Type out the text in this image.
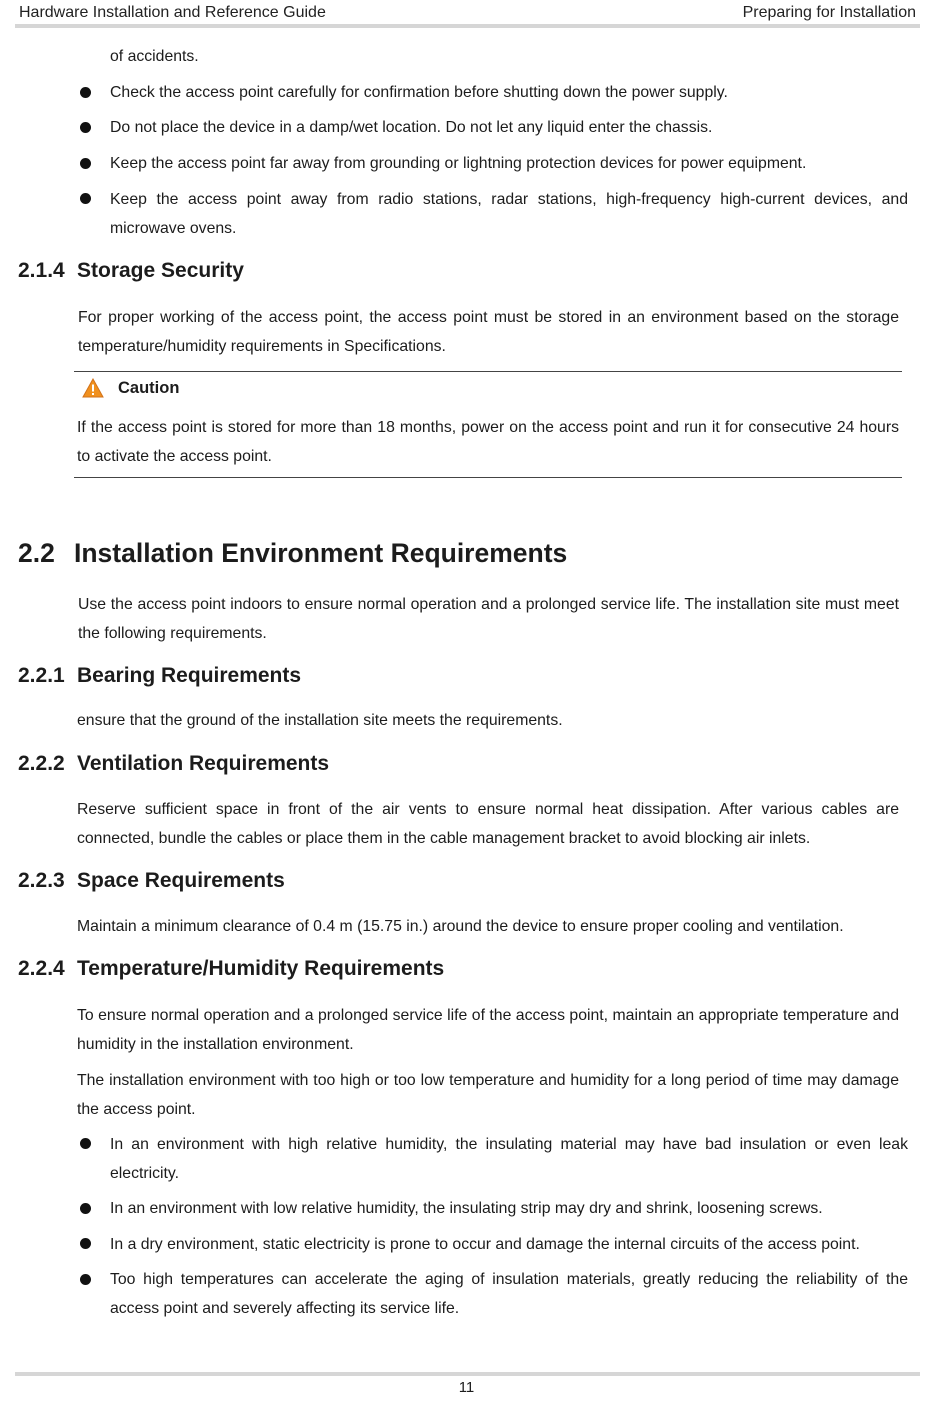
Hardware Installation and Reference Guide	Preparing for Installation
of accidents.
Check the access point carefully for confirmation before shutting down the power supply.
Do not place the device in a damp/wet location. Do not let any liquid enter the chassis.
Keep the access point far away from grounding or lightning protection devices for power equipment.
Keep the access point away from radio stations, radar stations, high-frequency high-current devices, and microwave ovens.
2.1.4 Storage Security
For proper working of the access point, the access point must be stored in an environment based on the storage temperature/humidity requirements in Specifications.
Caution
If the access point is stored for more than 18 months, power on the access point and run it for consecutive 24 hours to activate the access point.
2.2 Installation Environment Requirements
Use the access point indoors to ensure normal operation and a prolonged service life. The installation site must meet the following requirements.
2.2.1 Bearing Requirements
ensure that the ground of the installation site meets the requirements.
2.2.2 Ventilation Requirements
Reserve sufficient space in front of the air vents to ensure normal heat dissipation. After various cables are connected, bundle the cables or place them in the cable management bracket to avoid blocking air inlets.
2.2.3 Space Requirements
Maintain a minimum clearance of 0.4 m (15.75 in.) around the device to ensure proper cooling and ventilation.
2.2.4 Temperature/Humidity Requirements
To ensure normal operation and a prolonged service life of the access point, maintain an appropriate temperature and humidity in the installation environment.
The installation environment with too high or too low temperature and humidity for a long period of time may damage the access point.
In an environment with high relative humidity, the insulating material may have bad insulation or even leak electricity.
In an environment with low relative humidity, the insulating strip may dry and shrink, loosening screws.
In a dry environment, static electricity is prone to occur and damage the internal circuits of the access point.
Too high temperatures can accelerate the aging of insulation materials, greatly reducing the reliability of the access point and severely affecting its service life.
11
